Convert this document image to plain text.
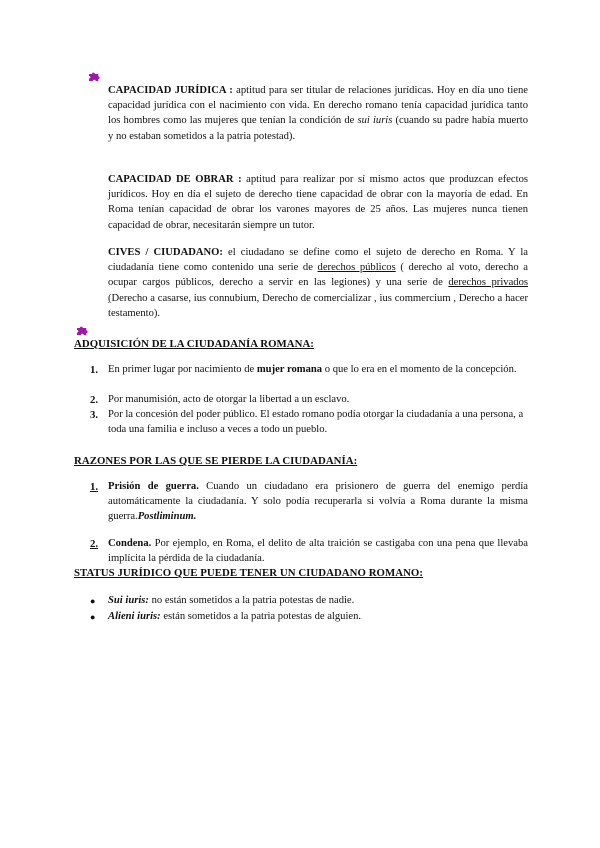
CAPACIDAD JURÍDICA : aptitud para ser titular de relaciones jurídicas. Hoy en día uno tiene capacidad jurídica con el nacimiento con vida. En derecho romano tenía capacidad jurídica tanto los hombres como las mujeres que tenían la condición de sui iuris (cuando su padre había muerto y no estaban sometidos a la patria potestad).
CAPACIDAD DE OBRAR : aptitud para realizar por sí mismo actos que produzcan efectos jurídicos. Hoy en día el sujeto de derecho tiene capacidad de obrar con la mayoría de edad. En Roma tenían capacidad de obrar los varones mayores de 25 años. Las mujeres nunca tienen capacidad de obrar, necesitarán siempre un tutor.
CIVES / CIUDADANO: el ciudadano se define como el sujeto de derecho en Roma. Y la ciudadanía tiene como contenido una serie de derechos públicos ( derecho al voto, derecho a ocupar cargos públicos, derecho a servir en las legiones) y una serie de derechos privados (Derecho a casarse, ius connubium, Derecho de comercializar , ius commercium , Derecho a hacer testamento).
ADQUISICIÓN DE LA CIUDADANÍA ROMANA:
1. En primer lugar por nacimiento de mujer romana o que lo era en el momento de la concepción.
2. Por manumisión, acto de otorgar la libertad a un esclavo.
3. Por la concesión del poder público. El estado romano podía otorgar la ciudadanía a una persona, a toda una familia e incluso a veces a todo un pueblo.
RAZONES POR LAS QUE SE PIERDE LA CIUDADANÍA:
1. Prisión de guerra. Cuando un ciudadano era prisionero de guerra del enemigo perdía automáticamente la ciudadanía. Y solo podía recuperarla si volvía a Roma durante la misma guerra.Postliminum.
2. Condena. Por ejemplo, en Roma, el delito de alta traición se castigaba con una pena que llevaba implícita la pérdida de la ciudadanía.
STATUS JURÍDICO QUE PUEDE TENER UN CIUDADANO ROMANO:
● Sui iuris: no están sometidos a la patria potestas de nadie.
● Alieni iuris: están sometidos a la patria potestas de alguien.
